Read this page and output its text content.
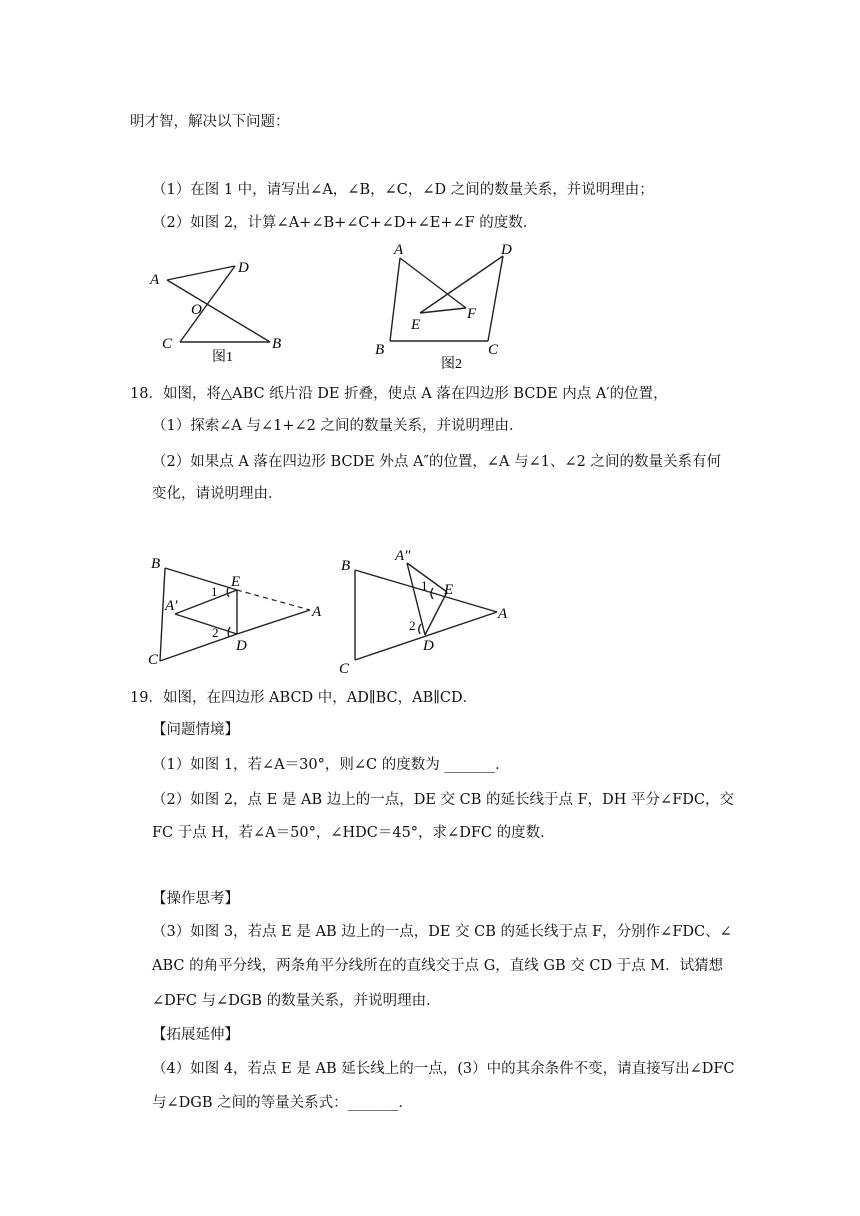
明才智，解决以下问题：
（1）在图 1 中，请写出∠A，∠B，∠C，∠D 之间的数量关系，并说明理由；
（2）如图 2，计算∠A+∠B+∠C+∠D+∠E+∠F 的度数．
18．如图，将△ABC 纸片沿 DE 折叠，使点 A 落在四边形 BCDE 内点 A′的位置，
（1）探索∠A 与∠1+∠2 之间的数量关系，并说明理由．
（2）如果点 A 落在四边形 BCDE 外点 A″的位置，∠A 与∠1、∠2 之间的数量关系有何
变化，请说明理由．
19．如图，在四边形 ABCD 中，AD∥BC，AB∥CD．
【问题情境】
（1）如图 1，若∠A＝30°，则∠C 的度数为 _______．
（2）如图 2，点 E 是 AB 边上的一点，DE 交 CB 的延长线于点 F，DH 平分∠FDC，交
FC 于点 H，若∠A＝50°，∠HDC＝45°，求∠DFC 的度数．
【操作思考】
（3）如图 3，若点 E 是 AB 边上的一点，DE 交 CB 的延长线于点 F，分别作∠FDC、∠
ABC 的角平分线，两条角平分线所在的直线交于点 G，直线 GB 交 CD 于点 M．试猜想
∠DFC 与∠DGB 的数量关系，并说明理由．
【拓展延伸】
（4）如图 4，若点 E 是 AB 延长线上的一点，(3）中的其余条件不变，请直接写出∠DFC
与∠DGB 之间的等量关系式：_______．
A
D
O
C	B
图1
A	D
E
F
B	C
图2
B
E
A′	A
D
C
1
2
A″
B
E
A
D
C
1
2
